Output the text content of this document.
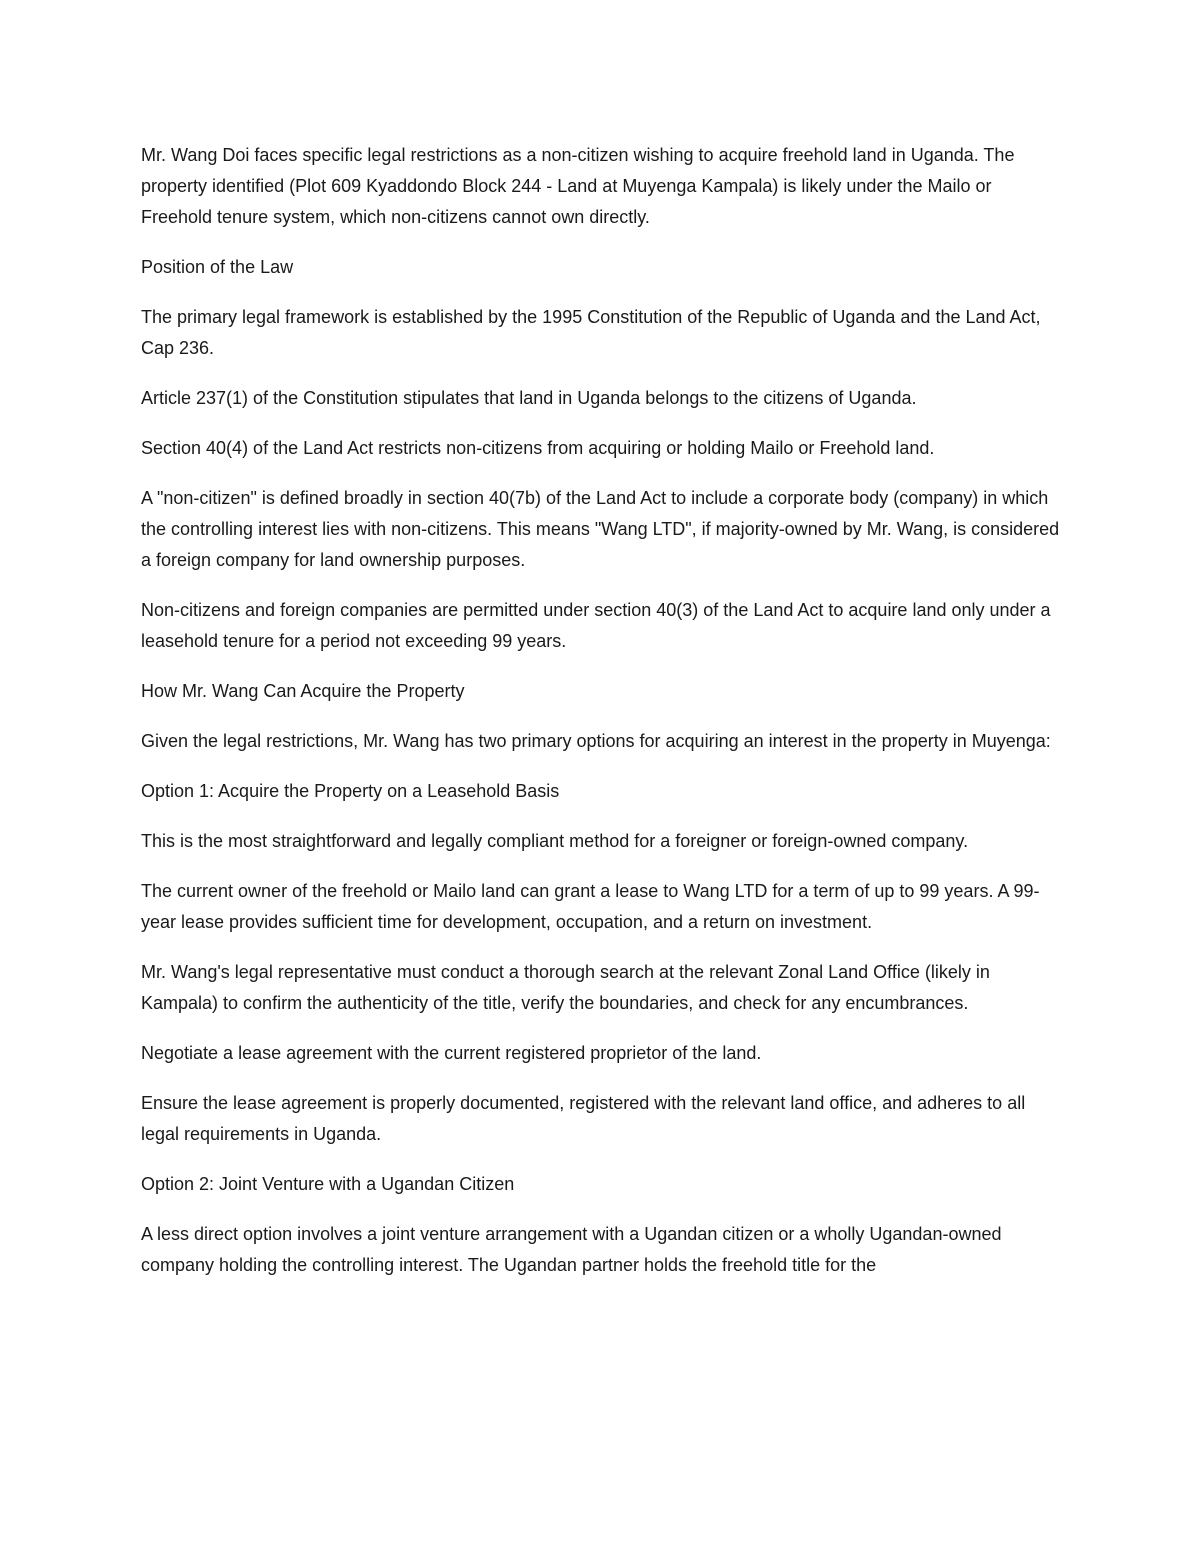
Mr. Wang Doi faces specific legal restrictions as a non-citizen wishing to acquire freehold land in Uganda. The property identified (Plot 609 Kyaddondo Block 244 - Land at Muyenga Kampala) is likely under the Mailo or Freehold tenure system, which non-citizens cannot own directly.

Position of the Law

The primary legal framework is established by the 1995 Constitution of the Republic of Uganda and the Land Act, Cap 236.

Article 237(1) of the Constitution stipulates that land in Uganda belongs to the citizens of Uganda.

Section 40(4) of the Land Act restricts non-citizens from acquiring or holding Mailo or Freehold land.

A "non-citizen" is defined broadly in section 40(7b) of the Land Act to include a corporate body (company) in which the controlling interest lies with non-citizens. This means "Wang LTD", if majority-owned by Mr. Wang, is considered a foreign company for land ownership purposes.

Non-citizens and foreign companies are permitted under section 40(3) of the Land Act to acquire land only under a leasehold tenure for a period not exceeding 99 years.

How Mr. Wang Can Acquire the Property

Given the legal restrictions, Mr. Wang has two primary options for acquiring an interest in the property in Muyenga:

Option 1: Acquire the Property on a Leasehold Basis

This is the most straightforward and legally compliant method for a foreigner or foreign-owned company.

The current owner of the freehold or Mailo land can grant a lease to Wang LTD for a term of up to 99 years. A 99-year lease provides sufficient time for development, occupation, and a return on investment.

Mr. Wang's legal representative must conduct a thorough search at the relevant Zonal Land Office (likely in Kampala) to confirm the authenticity of the title, verify the boundaries, and check for any encumbrances.

Negotiate a lease agreement with the current registered proprietor of the land.

Ensure the lease agreement is properly documented, registered with the relevant land office, and adheres to all legal requirements in Uganda.

Option 2: Joint Venture with a Ugandan Citizen

A less direct option involves a joint venture arrangement with a Ugandan citizen or a wholly Ugandan-owned company holding the controlling interest. The Ugandan partner holds the freehold title for the
